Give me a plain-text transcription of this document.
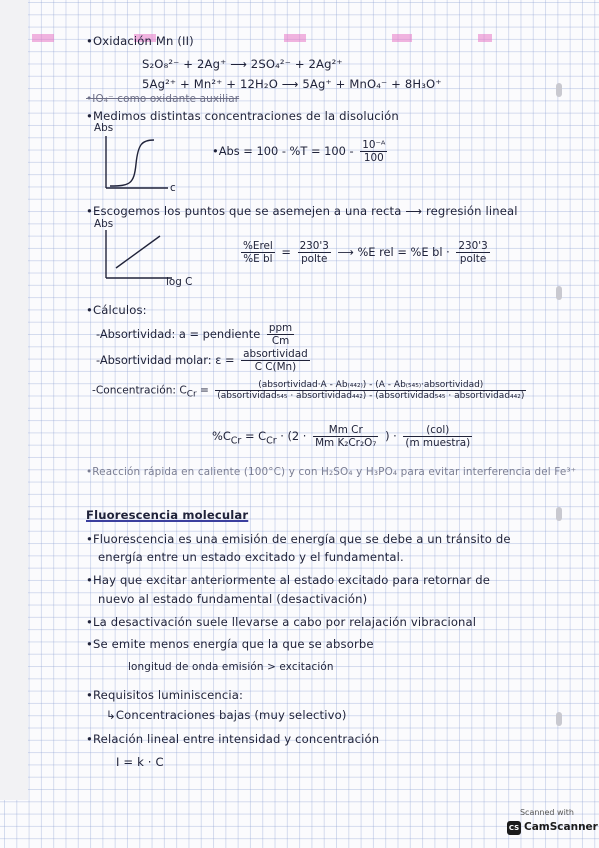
•Oxidación Mn (II)
S₂O₈²⁻ + 2Ag⁺ ⟶ 2SO₄²⁻ + 2Ag²⁺
5Ag²⁺ + Mn²⁺ + 12H₂O ⟶ 5Ag⁺ + MnO₄⁻ + 8H₃O⁺
•IO₄⁻ como oxidante auxiliar
•Medimos distintas concentraciones de la disolución
Abs
c
•Abs = $100 - \%T = 100 - \frac{\text{10⁻ᴬ}}{100}$
•Escogemos los puntos que se asemejen a una recta ⟶ regresión lineal
Abs
log C
$\frac{\text{\%Erel}}{\text{\%E bl}} = \frac{230'3}{\text{polte}}$ ⟶ %E rel = %E bl · $\frac{230'3}{\text{polte}}$
•Cálculos:
-Absortividad: a = pendiente $\frac{\text{ppm}}{Cm}$
-Absortividad molar: $\varepsilon = \frac{\text{absortividad}}{\text{C C(Mn)}}$
-Concentración: $C_{Cr}$ =	(absortividad·A - Ab₍₄₄₂₎) - (A - Ab₍₅₄₅₎·absortividad)
(absortividad₅₄₅ · absortividad₄₄₂) - (absortividad₅₄₅ · absortividad₄₄₂)
$\%C_{Cr} = C_{Cr} \cdot (2 \cdot \frac{\text{Mm Cr}}{\text{Mm K₂Cr₂O₇}}$ ) · $\frac{\text{(col)}}{\text{(m muestra)}}$
•Reacción rápida en caliente (100°C) y con H₂SO₄ y H₃PO₄ para evitar interferencia del Fe³⁺
Fluorescencia molecular
•Fluorescencia es una emisión de energía que se debe a un tránsito de
energía entre un estado excitado y el fundamental.
•Hay que excitar anteriormente al estado excitado para retornar de
nuevo al estado fundamental (desactivación)
•La desactivación suele llevarse a cabo por relajación vibracional
•Se emite menos energía que la que se absorbe
longitud de onda emisión > excitación
•Requisitos luminiscencia:
↳Concentraciones bajas (muy selectivo)
•Relación lineal entre intensidad y concentración
I = k · C
Scanned with
CS CamScanner
